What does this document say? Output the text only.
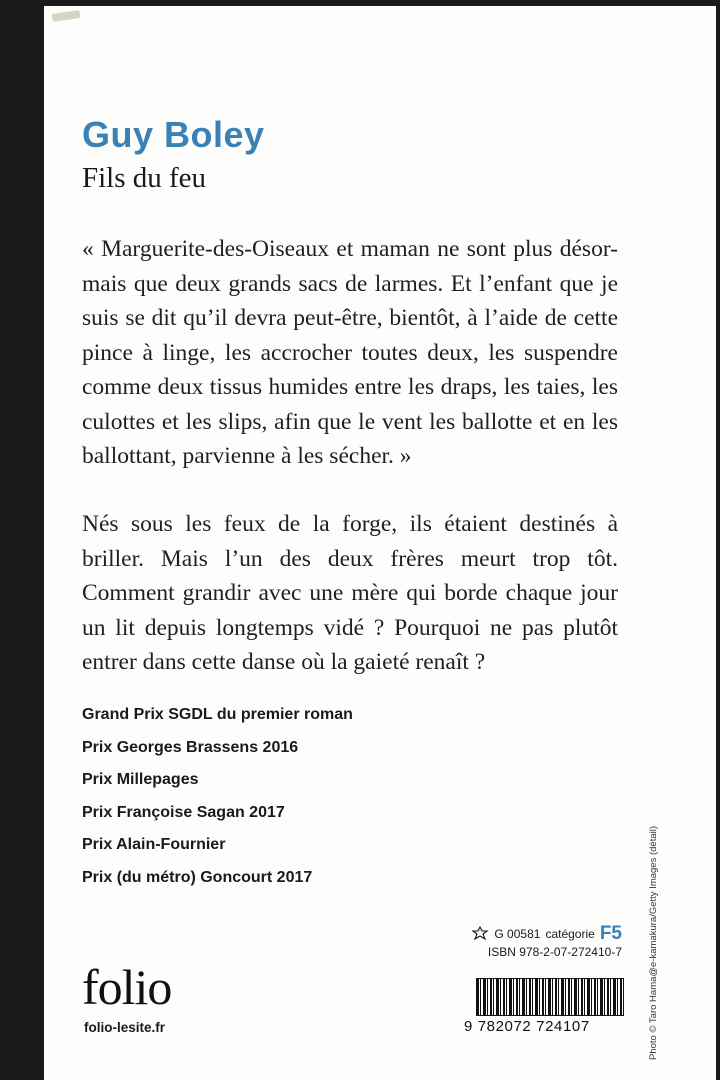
Guy Boley
Fils du feu

« Marguerite-des-Oiseaux et maman ne sont plus désor-mais que deux grands sacs de larmes. Et l’enfant que je suis se dit qu’il devra peut-être, bientôt, à l’aide de cette pince à linge, les accrocher toutes deux, les suspendre comme deux tissus humides entre les draps, les taies, les culottes et les slips, afin que le vent les ballotte et en les ballottant, parvienne à les sécher. »

Nés sous les feux de la forge, ils étaient destinés à briller. Mais l’un des deux frères meurt trop tôt. Comment grandir avec une mère qui borde chaque jour un lit depuis longtemps vidé ? Pourquoi ne pas plutôt entrer dans cette danse où la gaieté renaît ?

Grand Prix SGDL du premier roman
Prix Georges Brassens 2016
Prix Millepages
Prix Françoise Sagan 2017
Prix Alain-Fournier
Prix (du métro) Goncourt 2017	Photo © Taro Hama@e-kamakura/Getty Images (détail)
G 00581 catégorie F5
ISBN 978-2-07-272410-7
9 782072 724107
folio
folio-lesite.fr
